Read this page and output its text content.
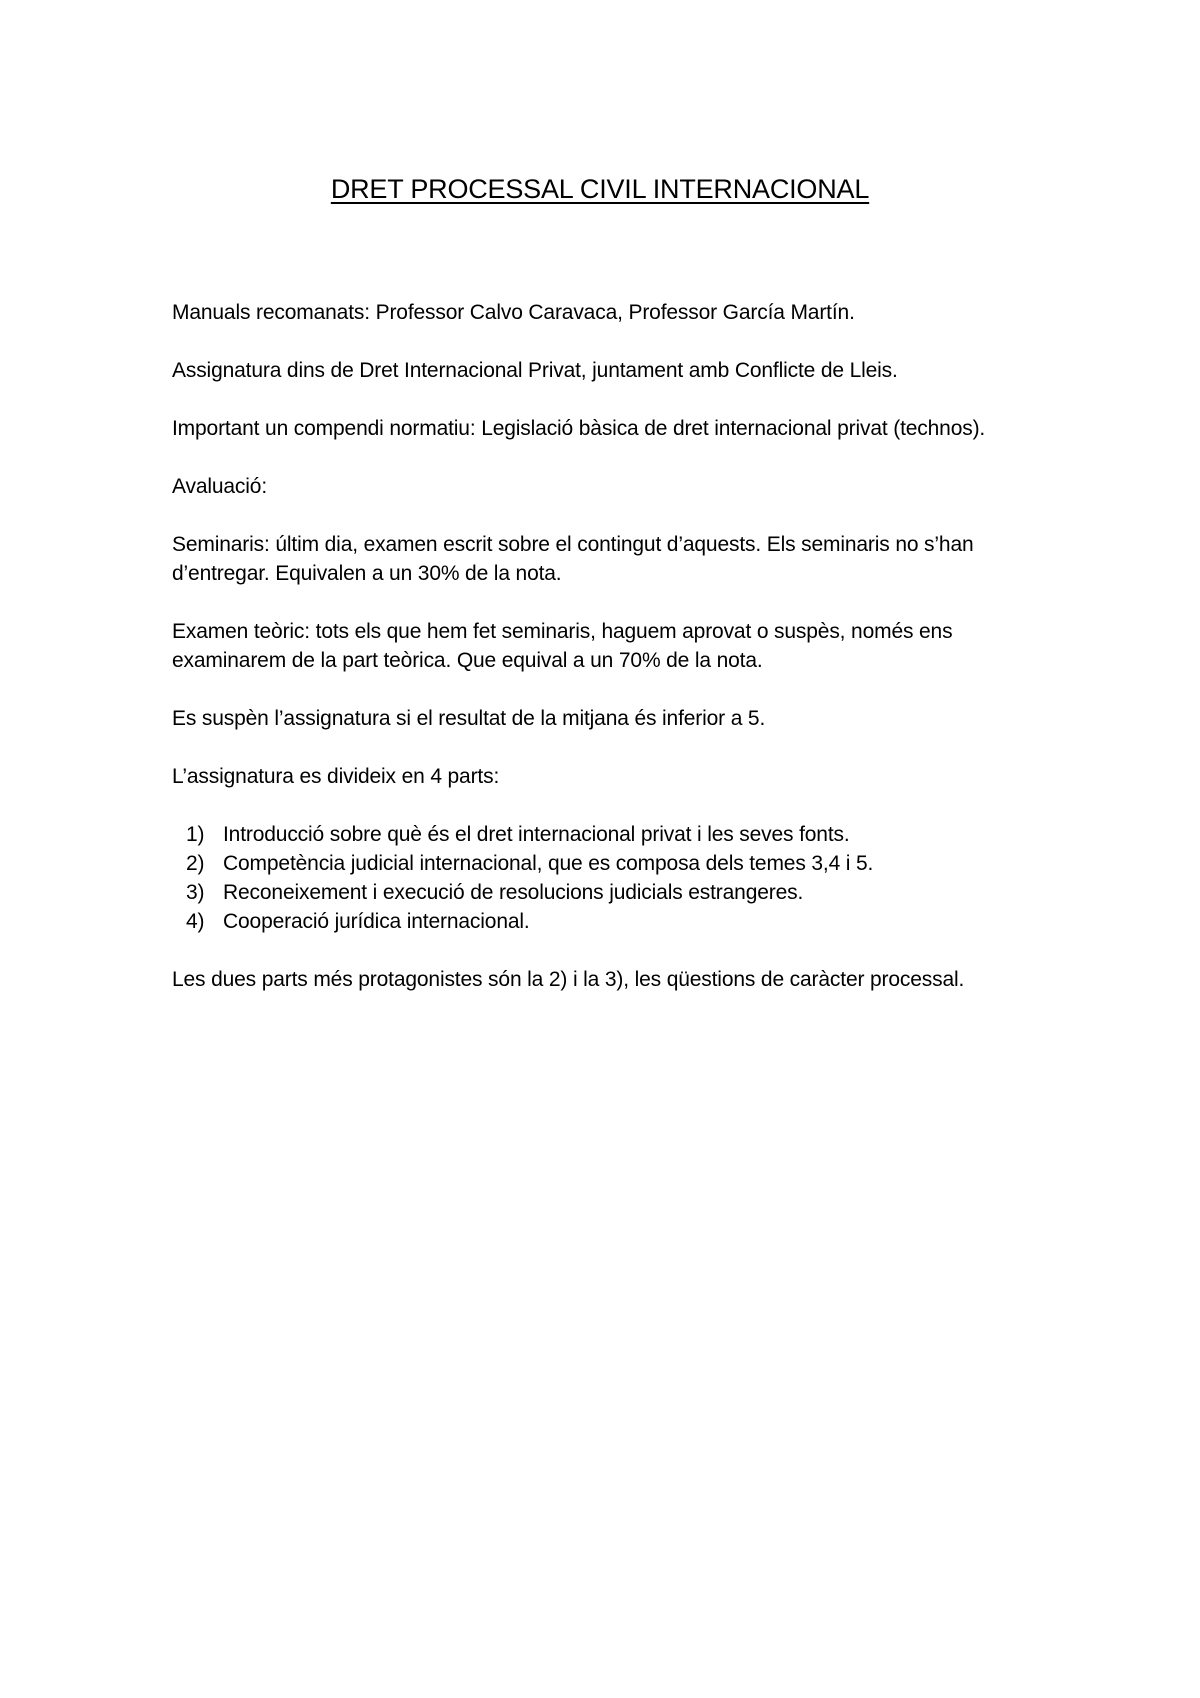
DRET PROCESSAL CIVIL INTERNACIONAL

Manuals recomanats: Professor Calvo Caravaca, Professor García Martín.

Assignatura dins de Dret Internacional Privat, juntament amb Conflicte de Lleis.

Important un compendi normatiu: Legislació bàsica de dret internacional privat (technos).

Avaluació:

Seminaris: últim dia, examen escrit sobre el contingut d’aquests. Els seminaris no s’han d’entregar. Equivalen a un 30% de la nota.

Examen teòric: tots els que hem fet seminaris, haguem aprovat o suspès, només ens examinarem de la part teòrica. Que equival a un 70% de la nota.

Es suspèn l’assignatura si el resultat de la mitjana és inferior a 5.

L’assignatura es divideix en 4 parts:

1) Introducció sobre què és el dret internacional privat i les seves fonts.
2) Competència judicial internacional, que es composa dels temes 3,4 i 5.
3) Reconeixement i execució de resolucions judicials estrangeres.
4) Cooperació jurídica internacional.

Les dues parts més protagonistes són la 2) i la 3), les qüestions de caràcter processal.
